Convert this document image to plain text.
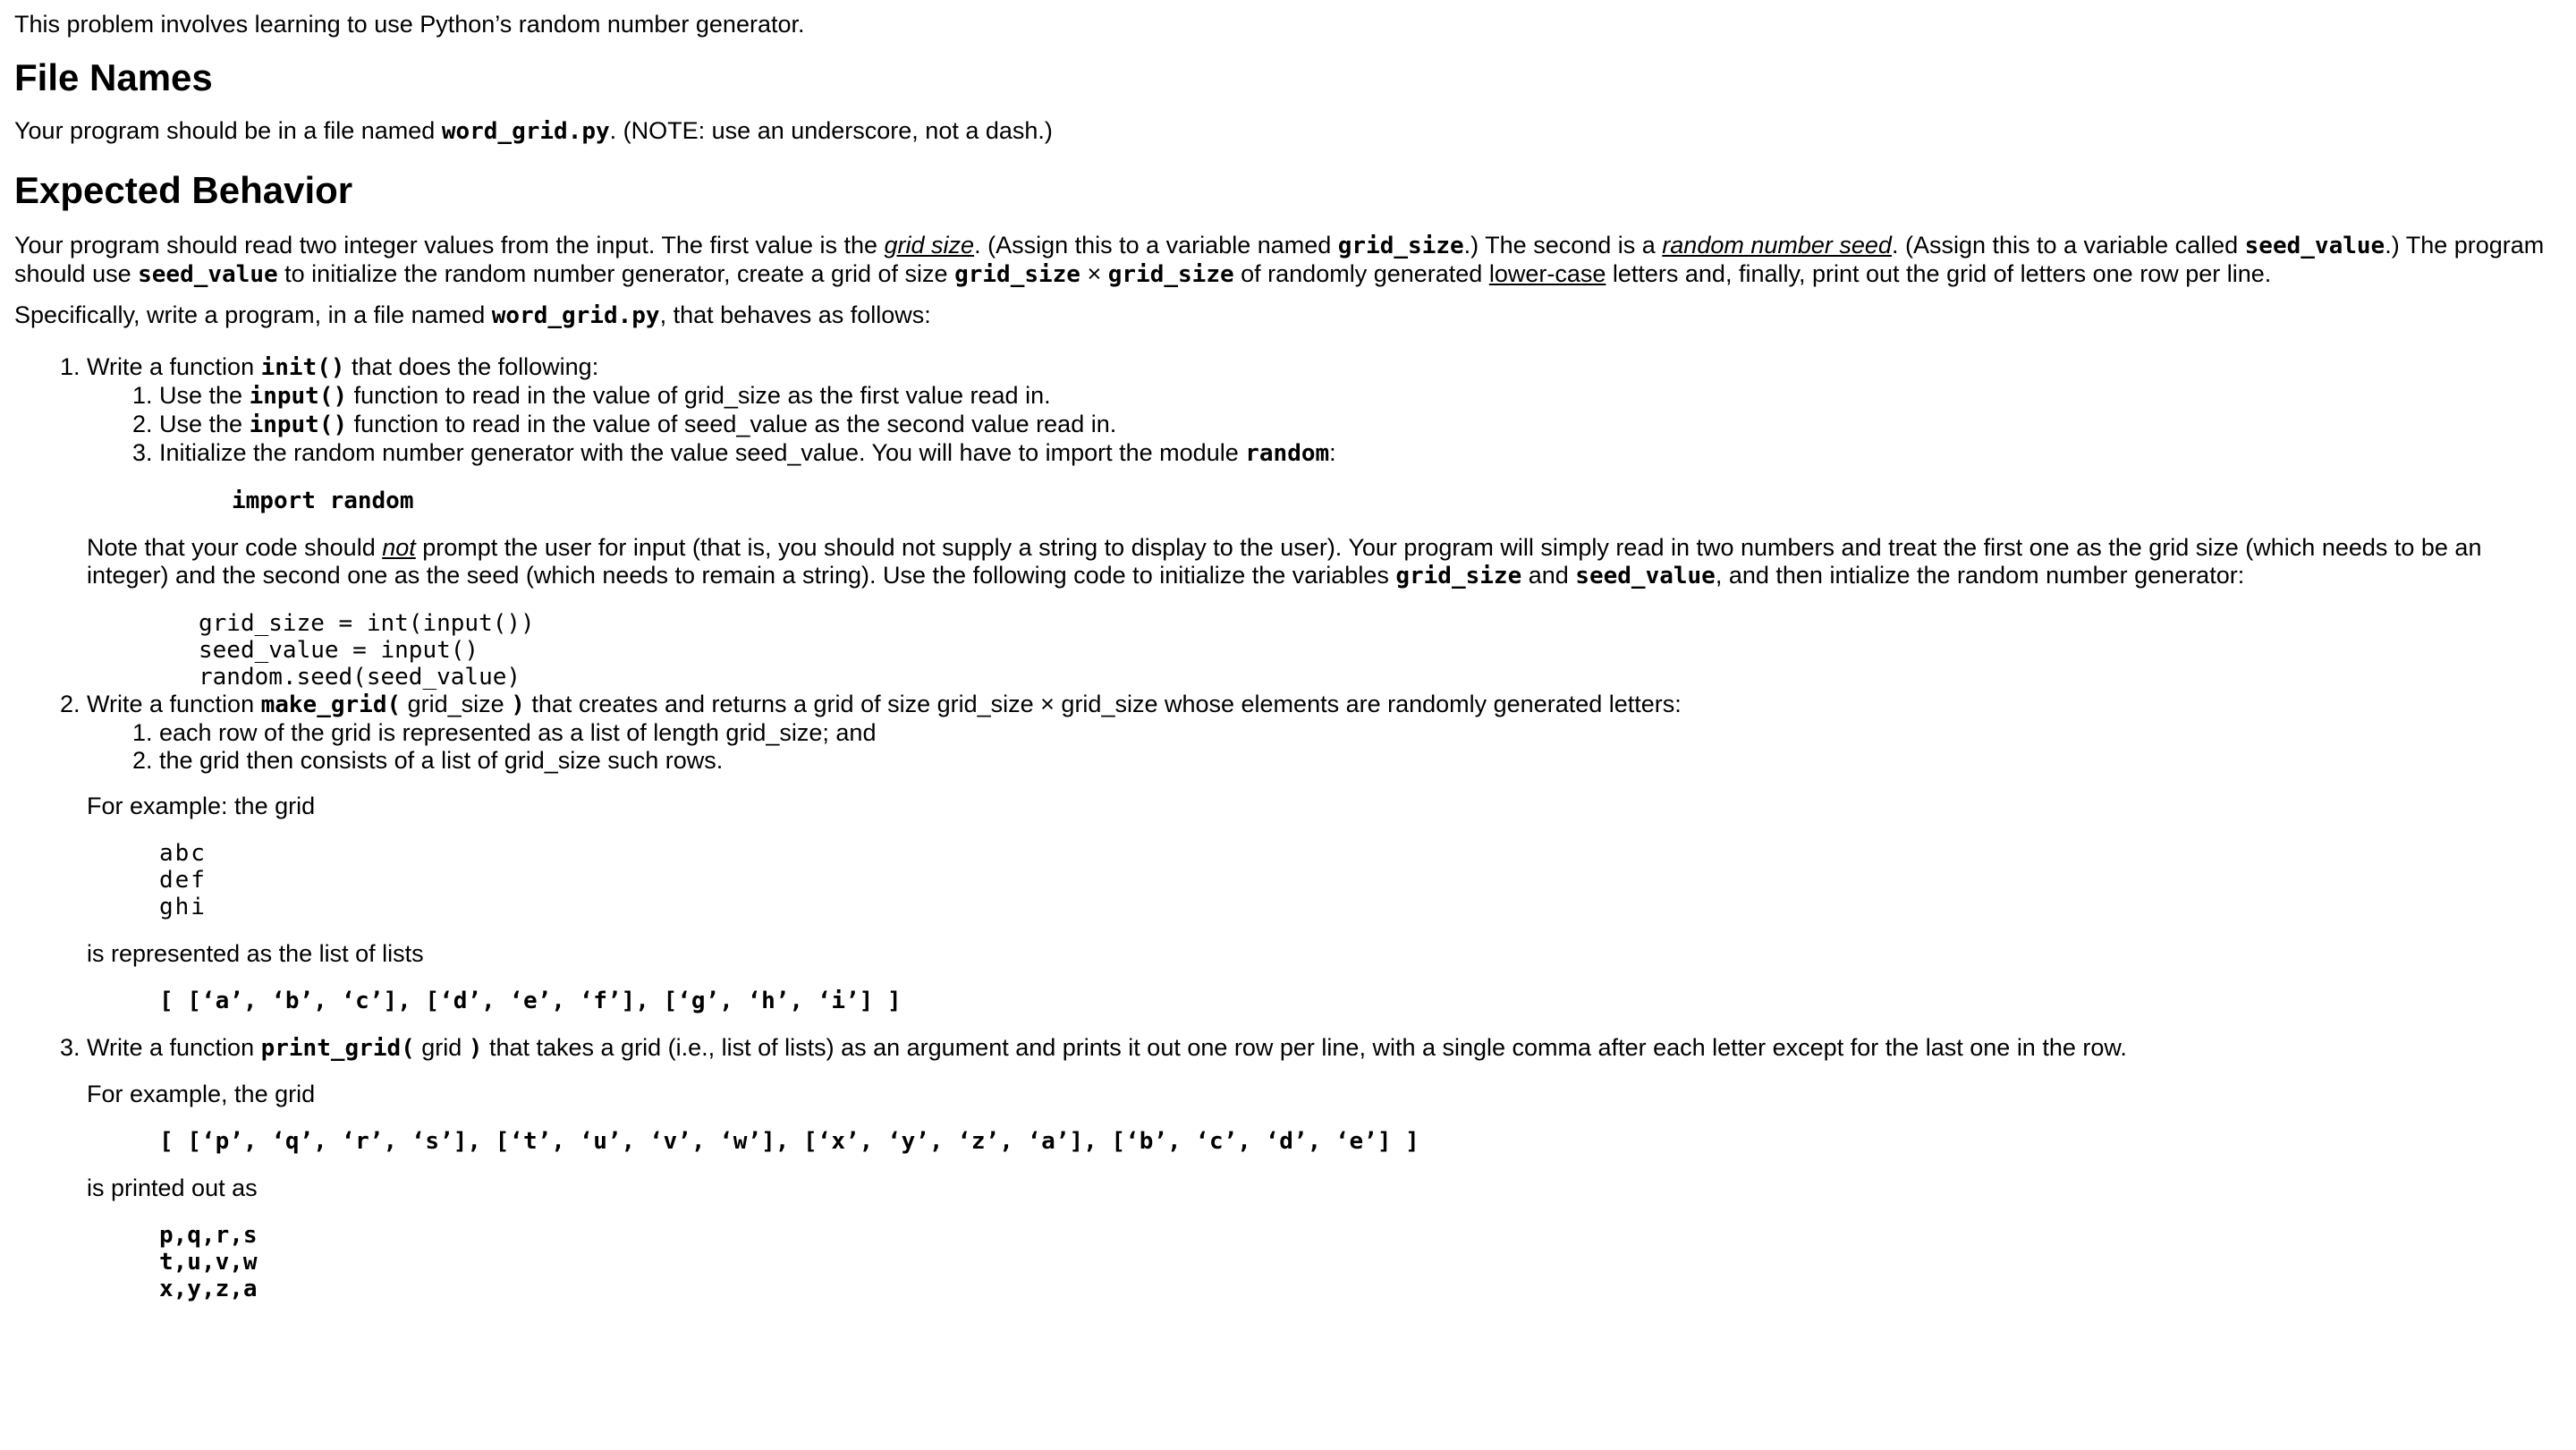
This problem involves learning to use Python’s random number generator.

File Names

Your program should be in a file named word_grid.py. (NOTE: use an underscore, not a dash.)

Expected Behavior

Your program should read two integer values from the input. The first value is the grid size. (Assign this to a variable named grid_size.) The second is a random number seed. (Assign this to a variable called seed_value.) The program should use seed_value to initialize the random number generator, create a grid of size grid_size × grid_size of randomly generated lower-case letters and, finally, print out the grid of letters one row per line.

Specifically, write a program, in a file named word_grid.py, that behaves as follows:

1. Write a function init() that does the following:
1. Use the input() function to read in the value of grid_size as the first value read in.
2. Use the input() function to read in the value of seed_value as the second value read in.
3. Initialize the random number generator with the value seed_value. You will have to import the module random:
import random

Note that your code should not prompt the user for input (that is, you should not supply a string to display to the user). Your program will simply read in two numbers and treat the first one as the grid size (which needs to be an integer) and the second one as the seed (which needs to remain a string). Use the following code to initialize the variables grid_size and seed_value, and then intialize the random number generator:

grid_size = int(input())
seed_value = input()
random.seed(seed_value)
2. Write a function make_grid( grid_size ) that creates and returns a grid of size grid_size × grid_size whose elements are randomly generated letters:
1. each row of the grid is represented as a list of length grid_size; and
2. the grid then consists of a list of grid_size such rows.

For example: the grid

abc
def
ghi

is represented as the list of lists

[ [‘a’, ‘b’, ‘c’], [‘d’, ‘e’, ‘f’], [‘g’, ‘h’, ‘i’] ]
3. Write a function print_grid( grid ) that takes a grid (i.e., list of lists) as an argument and prints it out one row per line, with a single comma after each letter except for the last one in the row.

For example, the grid

[ [‘p’, ‘q’, ‘r’, ‘s’], [‘t’, ‘u’, ‘v’, ‘w’], [‘x’, ‘y’, ‘z’, ‘a’], [‘b’, ‘c’, ‘d’, ‘e’] ]

is printed out as

p,q,r,s
t,u,v,w
x,y,z,a
